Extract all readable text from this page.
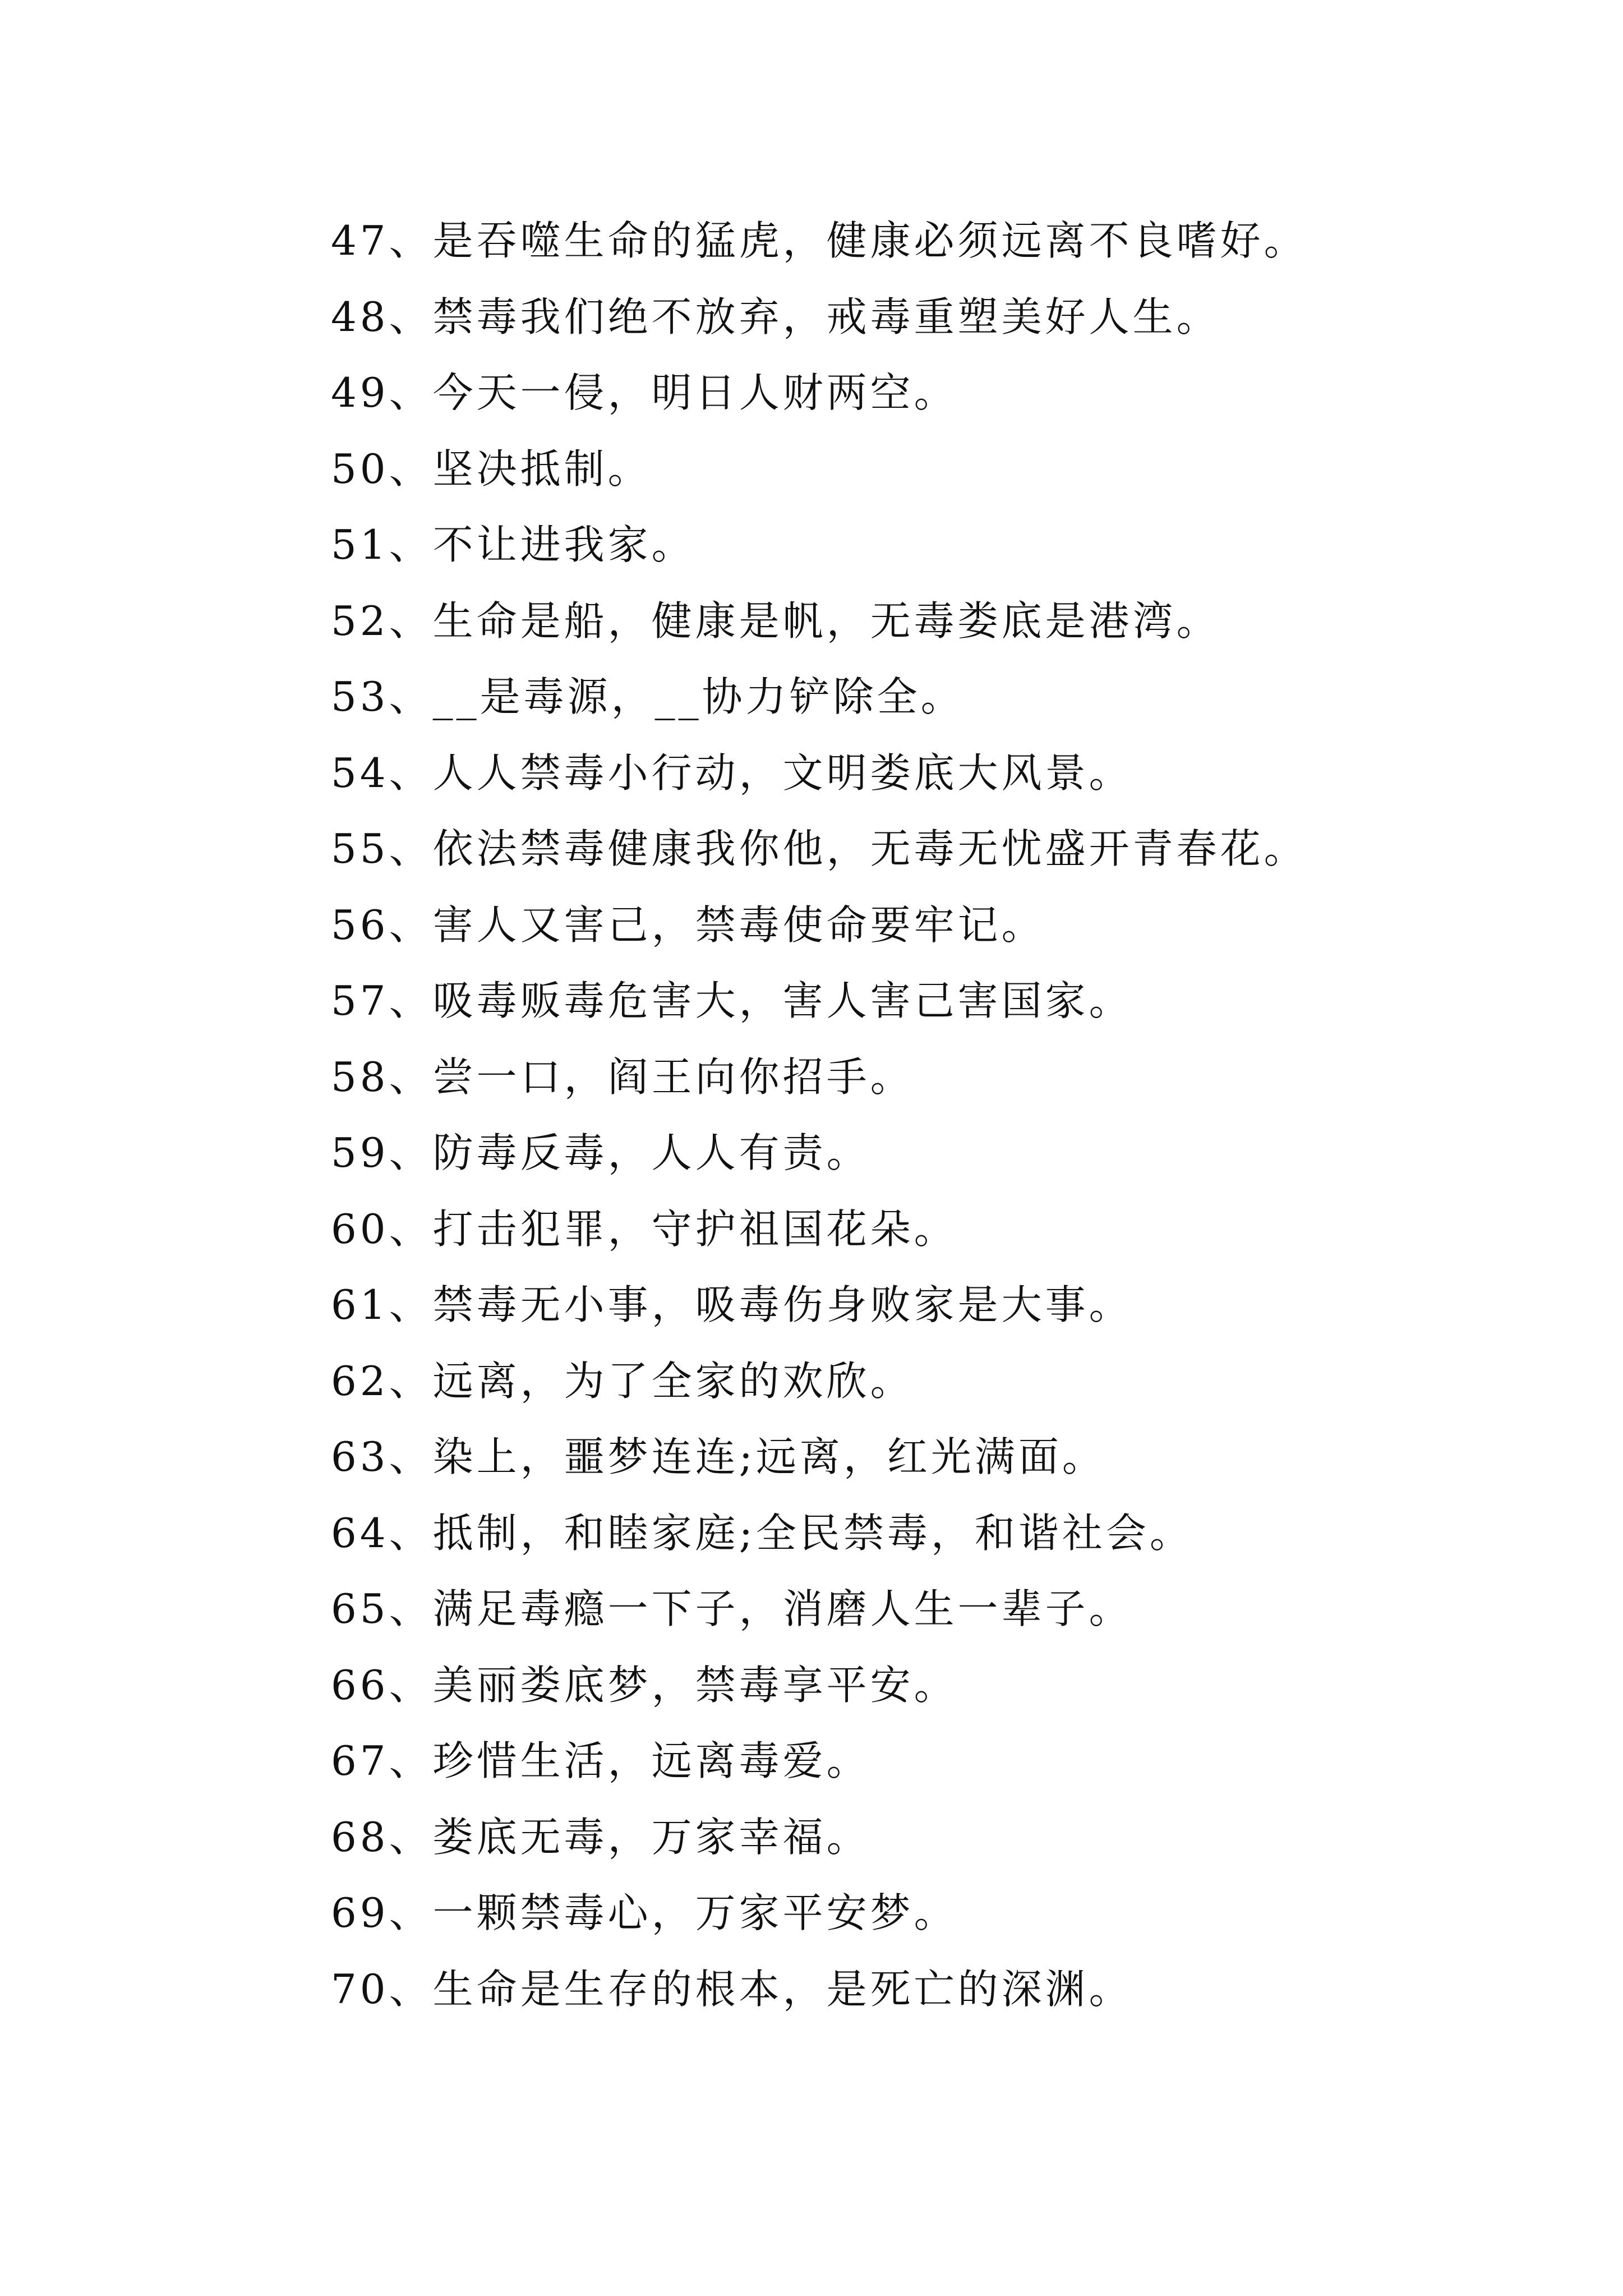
47、是吞噬生命的猛虎，健康必须远离不良嗜好。
48、禁毒我们绝不放弃，戒毒重塑美好人生。
49、今天一侵，明日人财两空。
50、坚决抵制。
51、不让进我家。
52、生命是船，健康是帆，无毒娄底是港湾。
53、__是毒源，__协力铲除全。
54、人人禁毒小行动，文明娄底大风景。
55、依法禁毒健康我你他，无毒无忧盛开青春花。
56、害人又害己，禁毒使命要牢记。
57、吸毒贩毒危害大，害人害己害国家。
58、尝一口，阎王向你招手。
59、防毒反毒，人人有责。
60、打击犯罪，守护祖国花朵。
61、禁毒无小事，吸毒伤身败家是大事。
62、远离，为了全家的欢欣。
63、染上，噩梦连连;远离，红光满面。
64、抵制，和睦家庭;全民禁毒，和谐社会。
65、满足毒瘾一下子，消磨人生一辈子。
66、美丽娄底梦，禁毒享平安。
67、珍惜生活，远离毒爱。
68、娄底无毒，万家幸福。
69、一颗禁毒心，万家平安梦。
70、生命是生存的根本，是死亡的深渊。
